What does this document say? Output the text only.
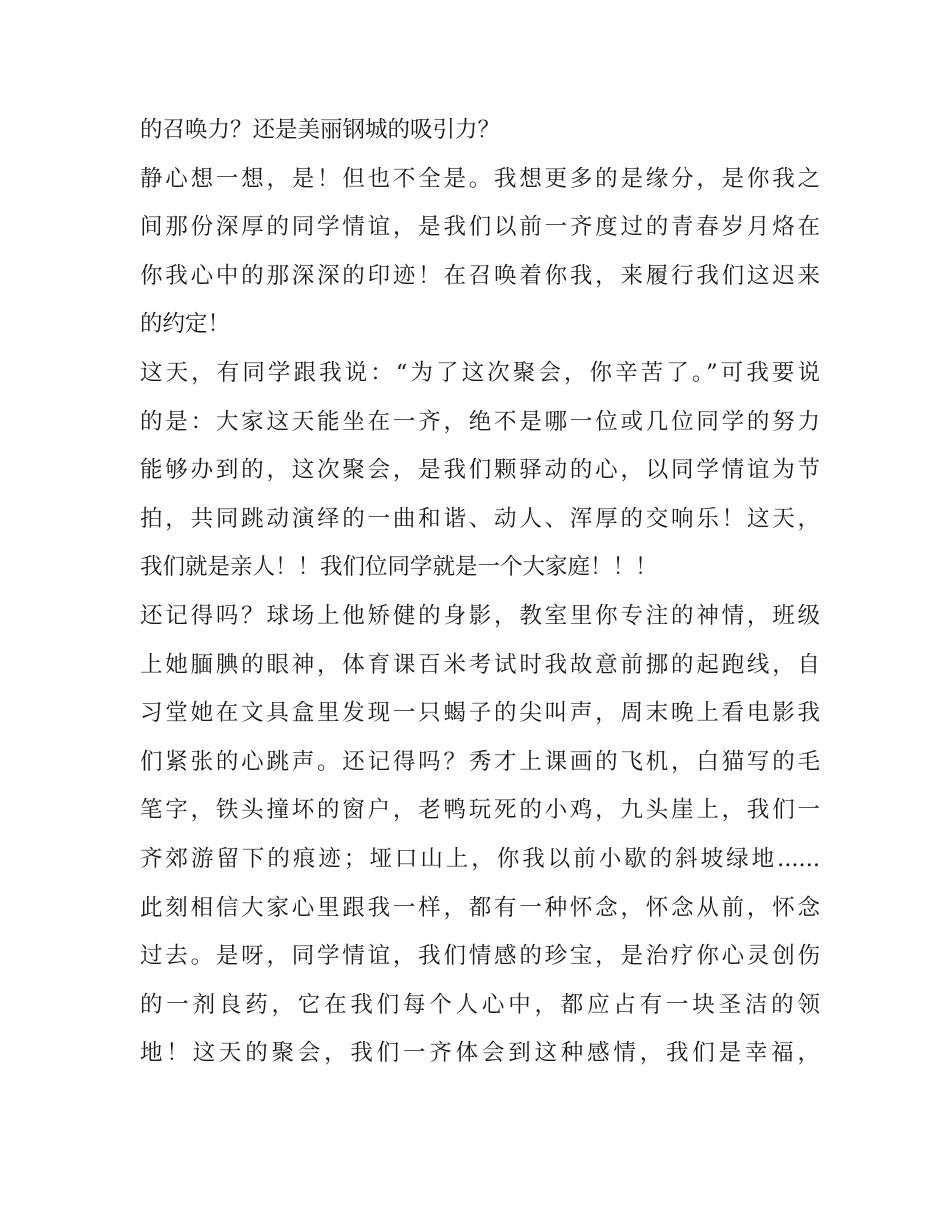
的召唤力？还是美丽钢城的吸引力？
静心想一想，是！但也不全是。我想更多的是缘分，是你我之
间那份深厚的同学情谊，是我们以前一齐度过的青春岁月烙在
你我心中的那深深的印迹！在召唤着你我，来履行我们这迟来
的约定！
这天，有同学跟我说：“为了这次聚会，你辛苦了。”可我要说
的是：大家这天能坐在一齐，绝不是哪一位或几位同学的努力
能够办到的，这次聚会，是我们颗驿动的心，以同学情谊为节
拍，共同跳动演绎的一曲和谐、动人、浑厚的交响乐！这天，
我们就是亲人！！我们位同学就是一个大家庭！！！
还记得吗？球场上他矫健的身影，教室里你专注的神情，班级
上她腼腆的眼神，体育课百米考试时我故意前挪的起跑线，自
习堂她在文具盒里发现一只蝎子的尖叫声，周末晚上看电影我
们紧张的心跳声。还记得吗？秀才上课画的飞机，白猫写的毛
笔字，铁头撞坏的窗户，老鸭玩死的小鸡，九头崖上，我们一
齐郊游留下的痕迹；垭口山上，你我以前小歇的斜坡绿地......
此刻相信大家心里跟我一样，都有一种怀念，怀念从前，怀念
过去。是呀，同学情谊，我们情感的珍宝，是治疗你心灵创伤
的一剂良药，它在我们每个人心中，都应占有一块圣洁的领
地！这天的聚会，我们一齐体会到这种感情，我们是幸福，
